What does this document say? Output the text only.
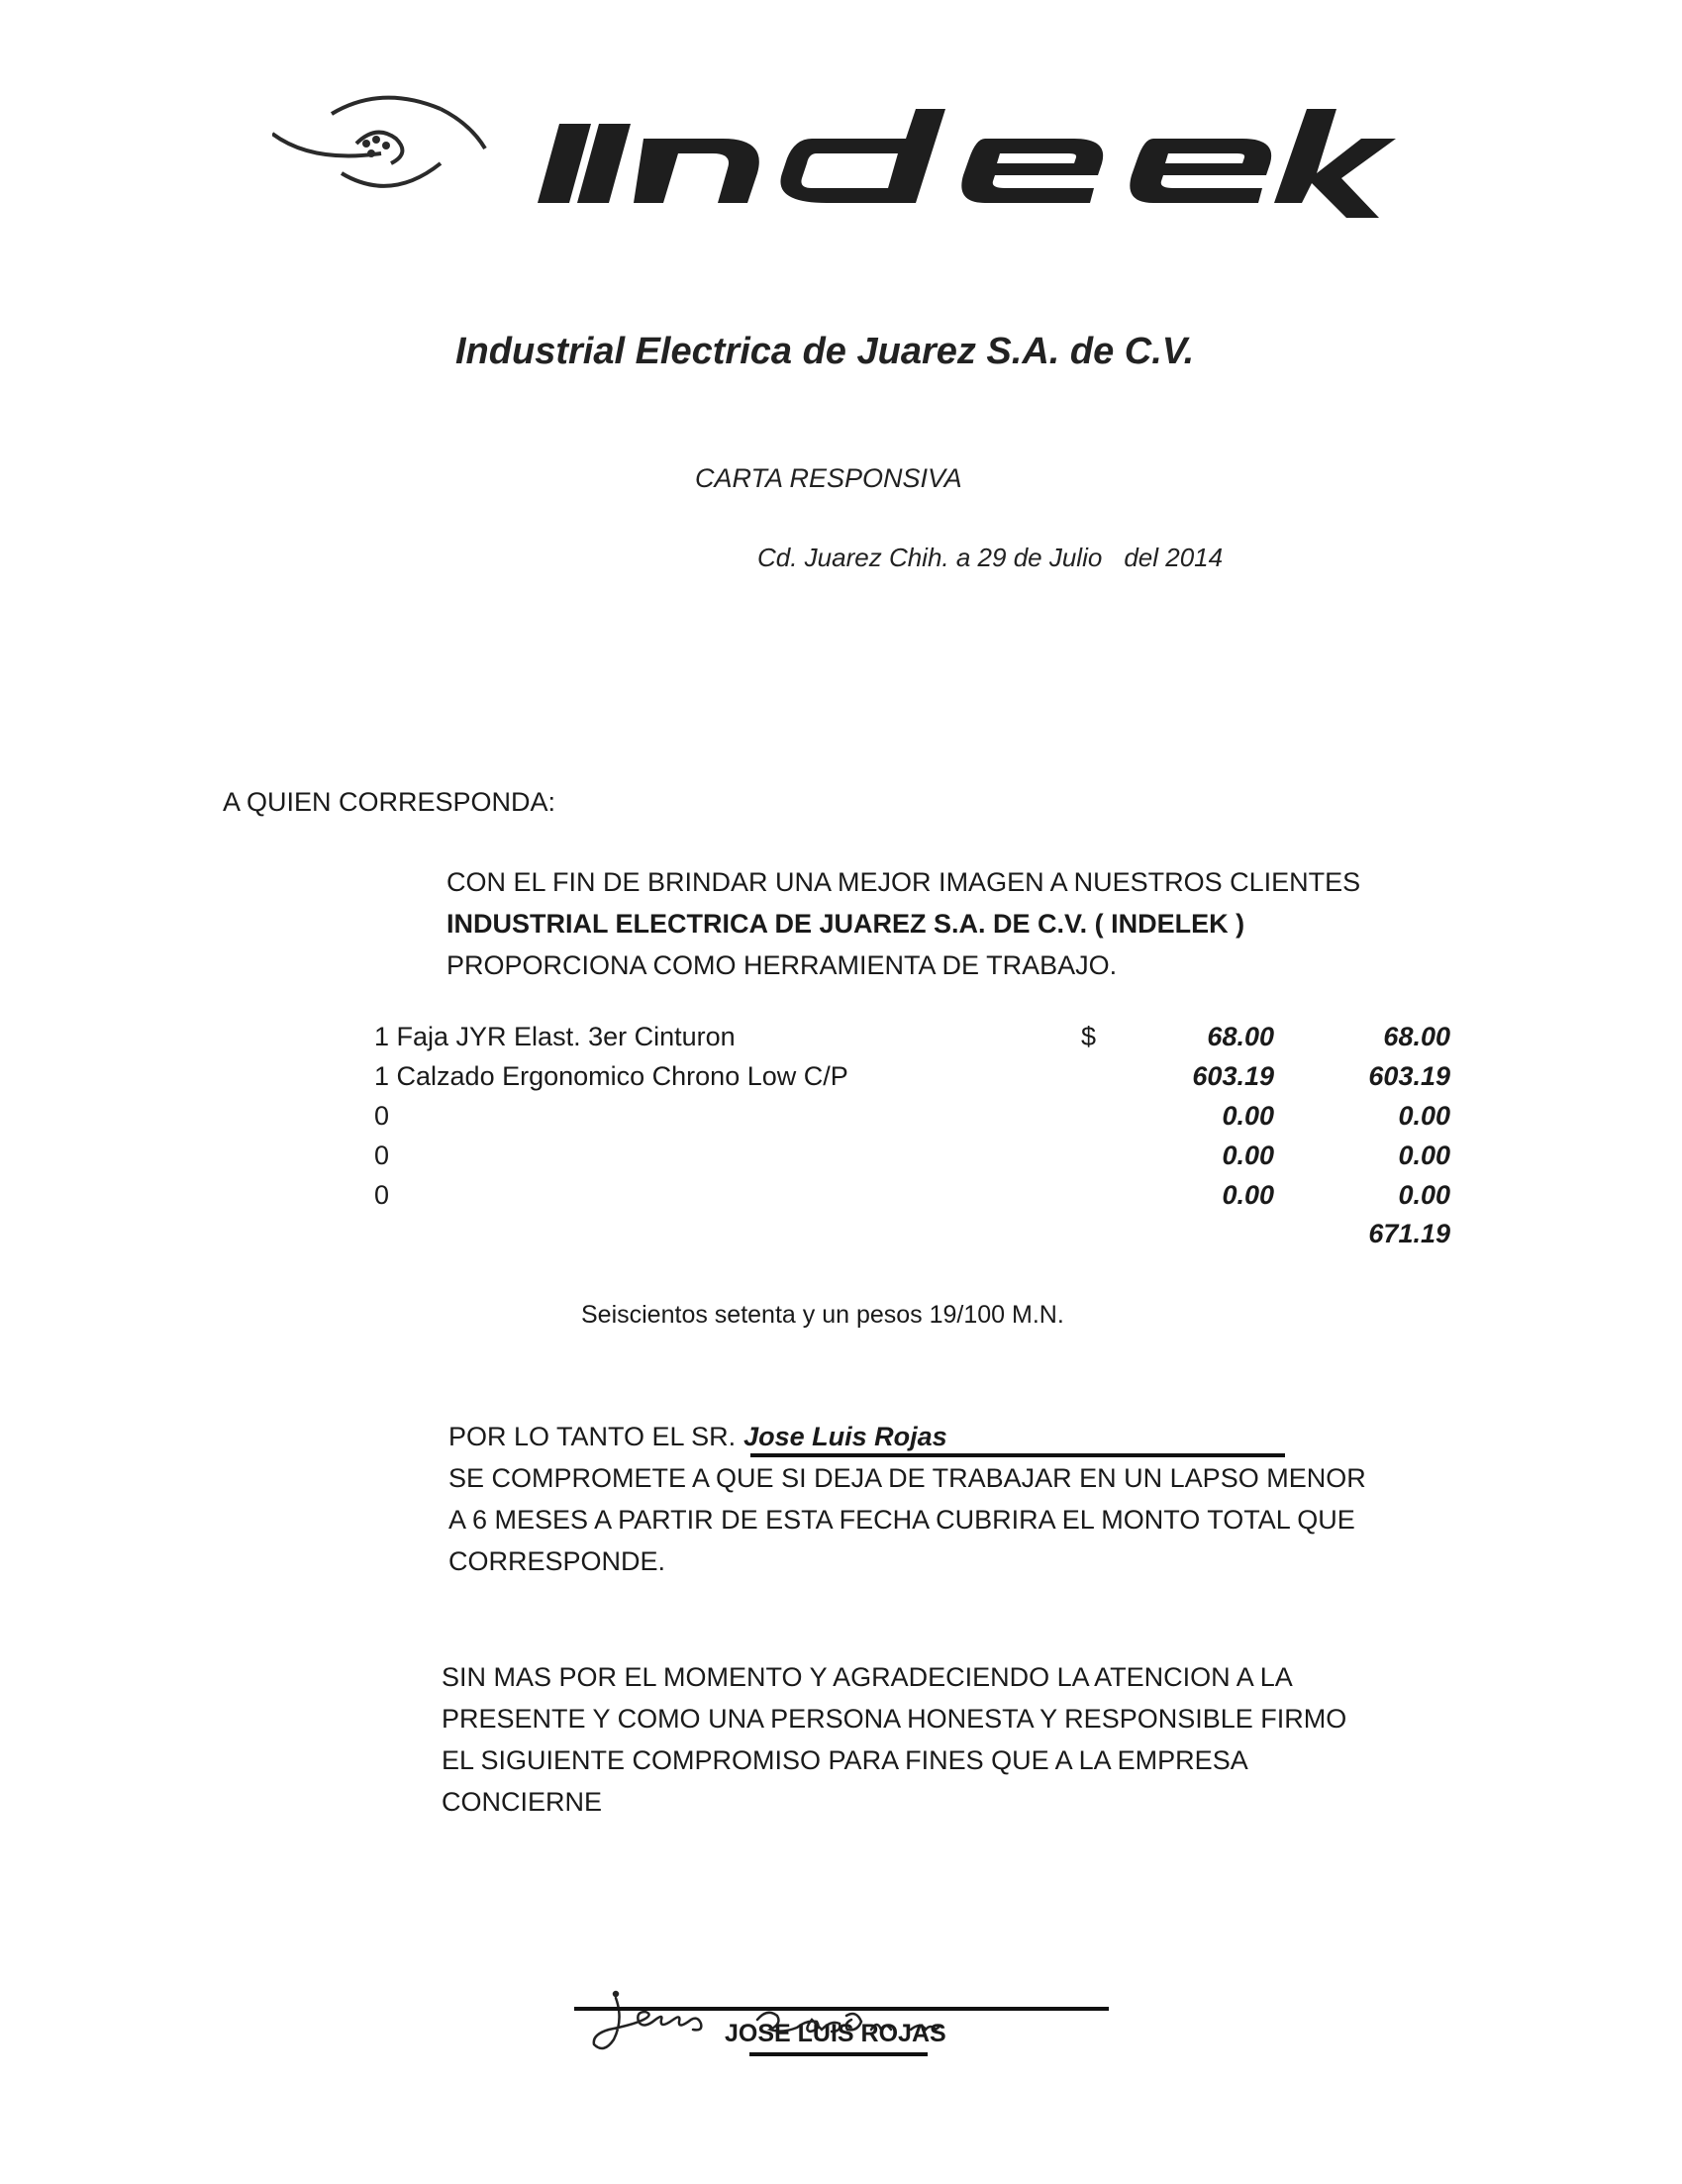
Industrial Electrica de Juarez S.A. de C.V.
CARTA RESPONSIVA
Cd. Juarez Chih. a 29 de Julio del 2014
A QUIEN CORRESPONDA:
CON EL FIN DE BRINDAR UNA MEJOR IMAGEN A NUESTROS CLIENTES
INDUSTRIAL ELECTRICA DE JUAREZ S.A. DE C.V. ( INDELEK )
PROPORCIONA COMO HERRAMIENTA DE TRABAJO.
1 Faja JYR Elast. 3er Cinturon	$	68.00	68.00
1 Calzado Ergonomico Chrono Low C/P	603.19	603.19
0	0.00	0.00
0	0.00	0.00
0	0.00	0.00
671.19
Seiscientos setenta y un pesos 19/100 M.N.
POR LO TANTO EL SR. Jose Luis Rojas
SE COMPROMETE A QUE SI DEJA DE TRABAJAR EN UN LAPSO MENOR
A 6 MESES A PARTIR DE ESTA FECHA CUBRIRA EL MONTO TOTAL QUE
CORRESPONDE.
SIN MAS POR EL MOMENTO Y AGRADECIENDO LA ATENCION A LA
PRESENTE Y COMO UNA PERSONA HONESTA Y RESPONSIBLE FIRMO
EL SIGUIENTE COMPROMISO PARA FINES QUE A LA EMPRESA
CONCIERNE
JOSE LUIS ROJAS
